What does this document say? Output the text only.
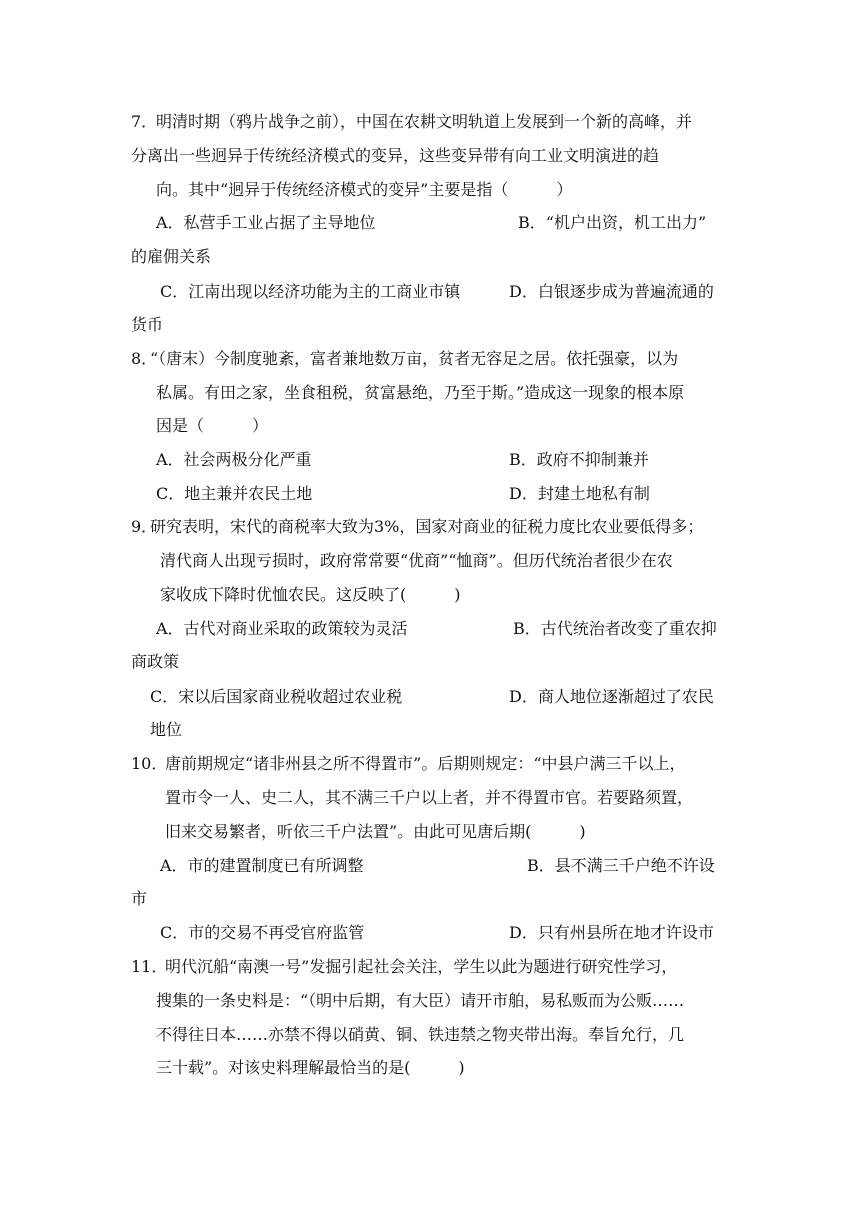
7．
明清时期（鸦片战争之前），中国在农耕文明轨道上发展到一个新的高峰，并
分离出一些迥异于传统经济模式的变异，这些变异带有向工业文明演进的趋
向。其中“迥异于传统经济模式的变异”主要是指（　　　）
A．私营手工业占据了主导地位	B．“机户出资，机工出力”
的雇佣关系
C．江南出现以经济功能为主的工商业市镇	D．白银逐步成为普遍流通的
货币
8．
“（唐末）今制度驰紊，富者兼地数万亩，贫者无容足之居。依托强豪，以为
私属。有田之家，坐食租税，贫富悬绝，乃至于斯。”造成这一现象的根本原
因是（　　　）
A．社会两极分化严重	B．政府不抑制兼并
C．地主兼并农民土地	D．封建土地私有制
9．
研究表明，宋代的商税率大致为3%，国家对商业的征税力度比农业要低得多；
清代商人出现亏损时，政府常常要“优商”“恤商”。但历代统治者很少在农
家收成下降时优恤农民。这反映了(　　　)
A．古代对商业采取的政策较为灵活	B．古代统治者改变了重农抑
商政策
C．宋以后国家商业税收超过农业税	D．商人地位逐渐超过了农民
地位
10．
唐前期规定“诸非州县之所不得置市”。后期则规定：“中县户满三千以上，
置市令一人、史二人，其不满三千户以上者，并不得置市官。若要路须置，
旧来交易繁者，听依三千户法置”。由此可见唐后期(　　　)
A．市的建置制度已有所调整	B．县不满三千户绝不许设
市
C．市的交易不再受官府监管	D．只有州县所在地才许设市
11．
明代沉船“南澳一号”发掘引起社会关注，学生以此为题进行研究性学习，
搜集的一条史料是：“（明中后期，有大臣）请开市舶，易私贩而为公贩……
不得往日本……亦禁不得以硝黄、铜、铁违禁之物夹带出海。奉旨允行，几
三十载”。对该史料理解最恰当的是(　　　)
